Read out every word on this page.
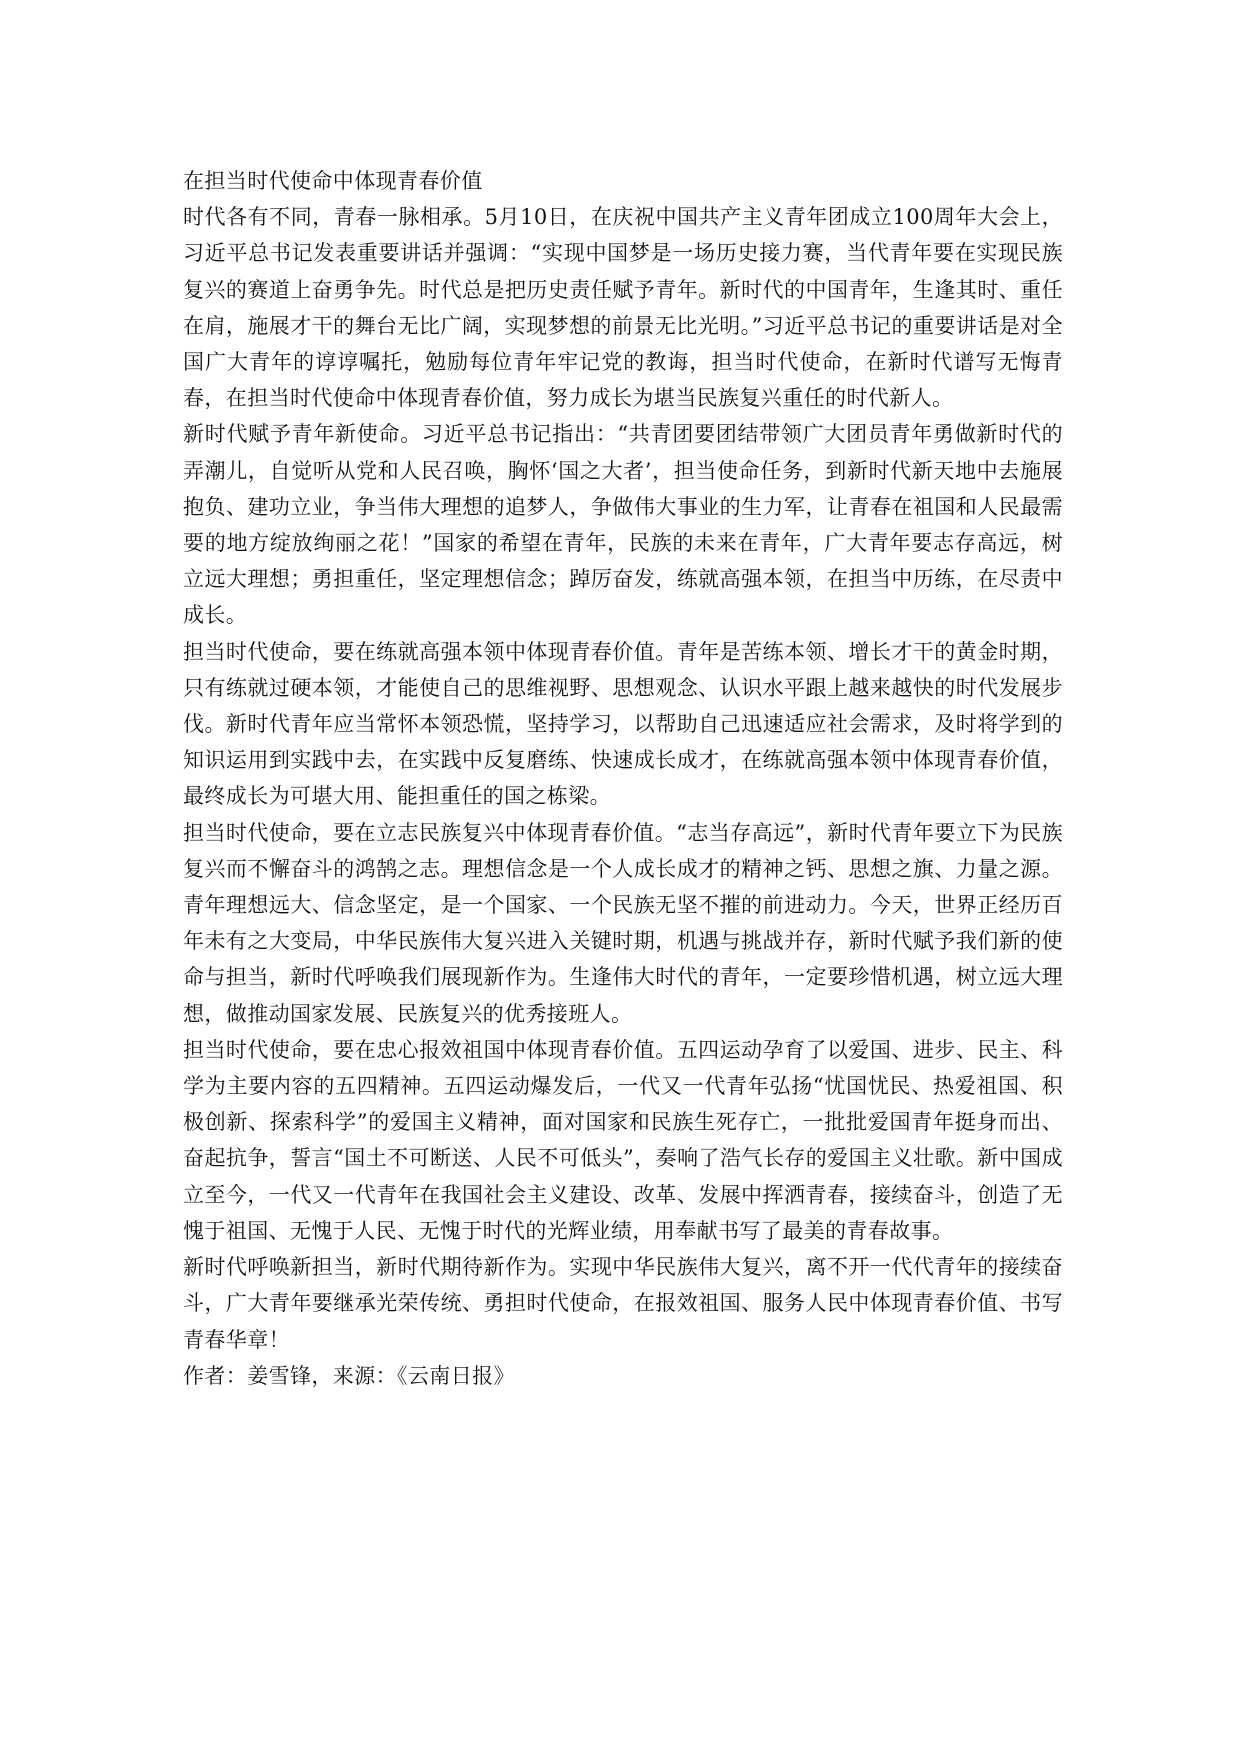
在担当时代使命中体现青春价值

时代各有不同，青春一脉相承。5月10日，在庆祝中国共产主义青年团成立100周年大会上，习近平总书记发表重要讲话并强调：“实现中国梦是一场历史接力赛，当代青年要在实现民族复兴的赛道上奋勇争先。时代总是把历史责任赋予青年。新时代的中国青年，生逢其时、重任在肩，施展才干的舞台无比广阔，实现梦想的前景无比光明。”习近平总书记的重要讲话是对全国广大青年的谆谆嘱托，勉励每位青年牢记党的教诲，担当时代使命，在新时代谱写无悔青春，在担当时代使命中体现青春价值，努力成长为堪当民族复兴重任的时代新人。

新时代赋予青年新使命。习近平总书记指出：“共青团要团结带领广大团员青年勇做新时代的弄潮儿，自觉听从党和人民召唤，胸怀‘国之大者’，担当使命任务，到新时代新天地中去施展抱负、建功立业，争当伟大理想的追梦人，争做伟大事业的生力军，让青春在祖国和人民最需要的地方绽放绚丽之花！”国家的希望在青年，民族的未来在青年，广大青年要志存高远，树立远大理想；勇担重任，坚定理想信念；踔厉奋发，练就高强本领，在担当中历练，在尽责中成长。

担当时代使命，要在练就高强本领中体现青春价值。青年是苦练本领、增长才干的黄金时期，只有练就过硬本领，才能使自己的思维视野、思想观念、认识水平跟上越来越快的时代发展步伐。新时代青年应当常怀本领恐慌，坚持学习，以帮助自己迅速适应社会需求，及时将学到的知识运用到实践中去，在实践中反复磨练、快速成长成才，在练就高强本领中体现青春价值，最终成长为可堪大用、能担重任的国之栋梁。

担当时代使命，要在立志民族复兴中体现青春价值。“志当存高远”，新时代青年要立下为民族复兴而不懈奋斗的鸿鹄之志。理想信念是一个人成长成才的精神之钙、思想之旗、力量之源。青年理想远大、信念坚定，是一个国家、一个民族无坚不摧的前进动力。今天，世界正经历百年未有之大变局，中华民族伟大复兴进入关键时期，机遇与挑战并存，新时代赋予我们新的使命与担当，新时代呼唤我们展现新作为。生逢伟大时代的青年，一定要珍惜机遇，树立远大理想，做推动国家发展、民族复兴的优秀接班人。

担当时代使命，要在忠心报效祖国中体现青春价值。五四运动孕育了以爱国、进步、民主、科学为主要内容的五四精神。五四运动爆发后，一代又一代青年弘扬“忧国忧民、热爱祖国、积极创新、探索科学”的爱国主义精神，面对国家和民族生死存亡，一批批爱国青年挺身而出、奋起抗争，誓言“国土不可断送、人民不可低头”，奏响了浩气长存的爱国主义壮歌。新中国成立至今，一代又一代青年在我国社会主义建设、改革、发展中挥洒青春，接续奋斗，创造了无愧于祖国、无愧于人民、无愧于时代的光辉业绩，用奉献书写了最美的青春故事。

新时代呼唤新担当，新时代期待新作为。实现中华民族伟大复兴，离不开一代代青年的接续奋斗，广大青年要继承光荣传统、勇担时代使命，在报效祖国、服务人民中体现青春价值、书写青春华章！

作者：姜雪锋，来源：《云南日报》
